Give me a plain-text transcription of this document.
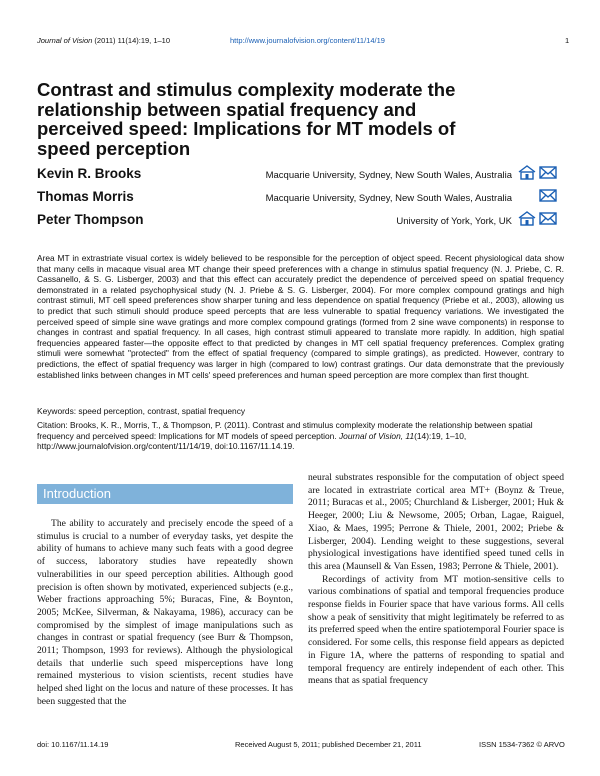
Journal of Vision (2011) 11(14):19, 1–10	http://www.journalofvision.org/content/11/14/19	1
Contrast and stimulus complexity moderate the relationship between spatial frequency and perceived speed: Implications for MT models of speed perception
Kevin R. Brooks	Macquarie University, Sydney, New South Wales, Australia
Thomas Morris	Macquarie University, Sydney, New South Wales, Australia
Peter Thompson	University of York, York, UK

Area MT in extrastriate visual cortex is widely believed to be responsible for the perception of object speed. Recent physiological data show that many cells in macaque visual area MT change their speed preferences with a change in stimulus spatial frequency (N. J. Priebe, C. R. Cassanello, & S. G. Lisberger, 2003) and that this effect can accurately predict the dependence of perceived speed on spatial frequency demonstrated in a related psychophysical study (N. J. Priebe & S. G. Lisberger, 2004). For more complex compound gratings and high contrast stimuli, MT cell speed preferences show sharper tuning and less dependence on spatial frequency (Priebe et al., 2003), allowing us to predict that such stimuli should produce speed percepts that are less vulnerable to spatial frequency variations. We investigated the perceived speed of simple sine wave gratings and more complex compound gratings (formed from 2 sine wave components) in response to changes in contrast and spatial frequency. In all cases, high contrast stimuli appeared to translate more rapidly. In addition, high spatial frequencies appeared faster—the opposite effect to that predicted by changes in MT cell spatial frequency preferences. Complex grating stimuli were somewhat "protected" from the effect of spatial frequency (compared to simple gratings), as predicted. However, contrary to predictions, the effect of spatial frequency was larger in high (compared to low) contrast gratings. Our data demonstrate that the previously established links between changes in MT cells' speed preferences and human speed perception are more complex than first thought.

Keywords: speed perception, contrast, spatial frequency

Citation: Brooks, K. R., Morris, T., & Thompson, P. (2011). Contrast and stimulus complexity moderate the relationship between spatial frequency and perceived speed: Implications for MT models of speed perception. Journal of Vision, 11(14):19, 1–10, http://www.journalofvision.org/content/11/14/19, doi:10.1167/11.14.19.

Introduction

The ability to accurately and precisely encode the speed of a stimulus is crucial to a number of everyday tasks, yet despite the ability of humans to achieve many such feats with a good degree of success, laboratory studies have repeatedly shown vulnerabilities in our speed perception abilities. Although good precision is often shown by motivated, experienced subjects (e.g., Weber fractions approaching 5%; Buracas, Fine, & Boynton, 2005; McKee, Silverman, & Nakayama, 1986), accuracy can be compromised by the simplest of image manipulations such as changes in contrast or spatial frequency (see Burr & Thompson, 2011; Thompson, 1993 for reviews). Although the physiological details that underlie such speed misperceptions have long remained mysterious to vision scientists, recent studies have helped shed light on the locus and nature of these processes. It has been suggested that the

neural substrates responsible for the computation of object speed are located in extrastriate cortical area MT+ (Boynz & Treue, 2011; Buracas et al., 2005; Churchland & Lisberger, 2001; Huk & Heeger, 2000; Liu & Newsome, 2005; Orban, Lagae, Raiguel, Xiao, & Maes, 1995; Perrone & Thiele, 2001, 2002; Priebe & Lisberger, 2004). Lending weight to these suggestions, several physiological investigations have identified speed tuned cells in this area (Maunsell & Van Essen, 1983; Perrone & Thiele, 2001).

Recordings of activity from MT motion-sensitive cells to various combinations of spatial and temporal frequencies produce response fields in Fourier space that have various forms. All cells show a peak of sensitivity that might legitimately be referred to as its preferred speed when the entire spatiotemporal Fourier space is considered. For some cells, this response field appears as depicted in Figure 1A, where the patterns of responding to spatial and temporal frequency are entirely independent of each other. This means that as spatial frequency

doi: 10.1167/11.14.19	Received August 5, 2011; published December 21, 2011	ISSN 1534-7362 © ARVO
